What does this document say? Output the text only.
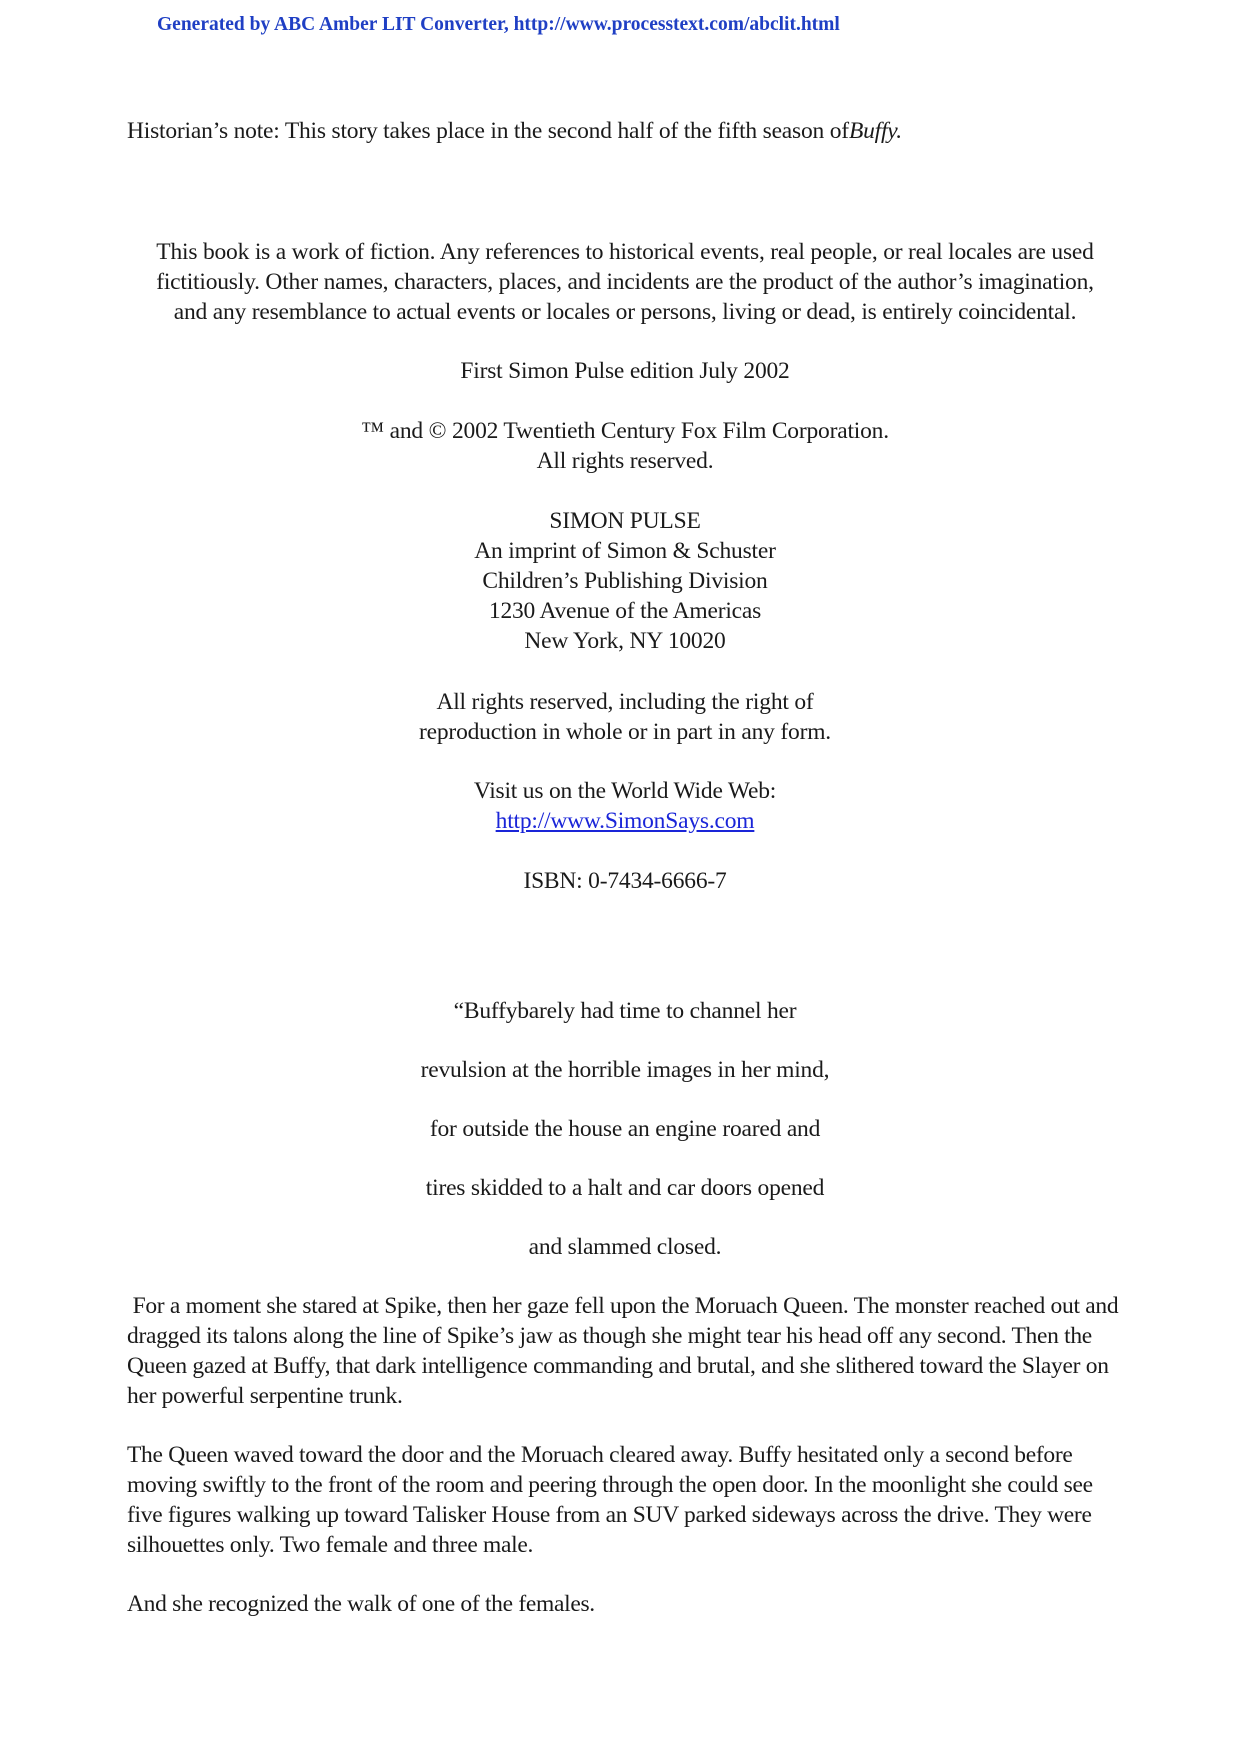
Generated by ABC Amber LIT Converter, http://www.processtext.com/abclit.html
Historian’s note: This story takes place in the second half of the fifth season ofBuffy.

This book is a work of fiction. Any references to historical events, real people, or real locales are used

fictitiously. Other names, characters, places, and incidents are the product of the author’s imagination,

and any resemblance to actual events or locales or persons, living or dead, is entirely coincidental.

First Simon Pulse edition July 2002

™ and © 2002 Twentieth Century Fox Film Corporation.

All rights reserved.

SIMON PULSE

An imprint of Simon & Schuster

Children’s Publishing Division

1230 Avenue of the Americas

New York, NY 10020

All rights reserved, including the right of

reproduction in whole or in part in any form.

Visit us on the World Wide Web:

http://www.SimonSays.com

ISBN: 0-7434-6666-7
“Buffybarely had time to channel her
revulsion at the horrible images in her mind,
for outside the house an engine roared and
tires skidded to a halt and car doors opened
and slammed closed.

For a moment she stared at Spike, then her gaze fell upon the Moruach Queen. The monster reached out and dragged its talons along the line of Spike’s jaw as though she might tear his head off any second. Then the Queen gazed at Buffy, that dark intelligence commanding and brutal, and she slithered toward the Slayer on her powerful serpentine trunk.

The Queen waved toward the door and the Moruach cleared away. Buffy hesitated only a second before moving swiftly to the front of the room and peering through the open door. In the moonlight she could see five figures walking up toward Talisker House from an SUV parked sideways across the drive. They were silhouettes only. Two female and three male.

And she recognized the walk of one of the females.
